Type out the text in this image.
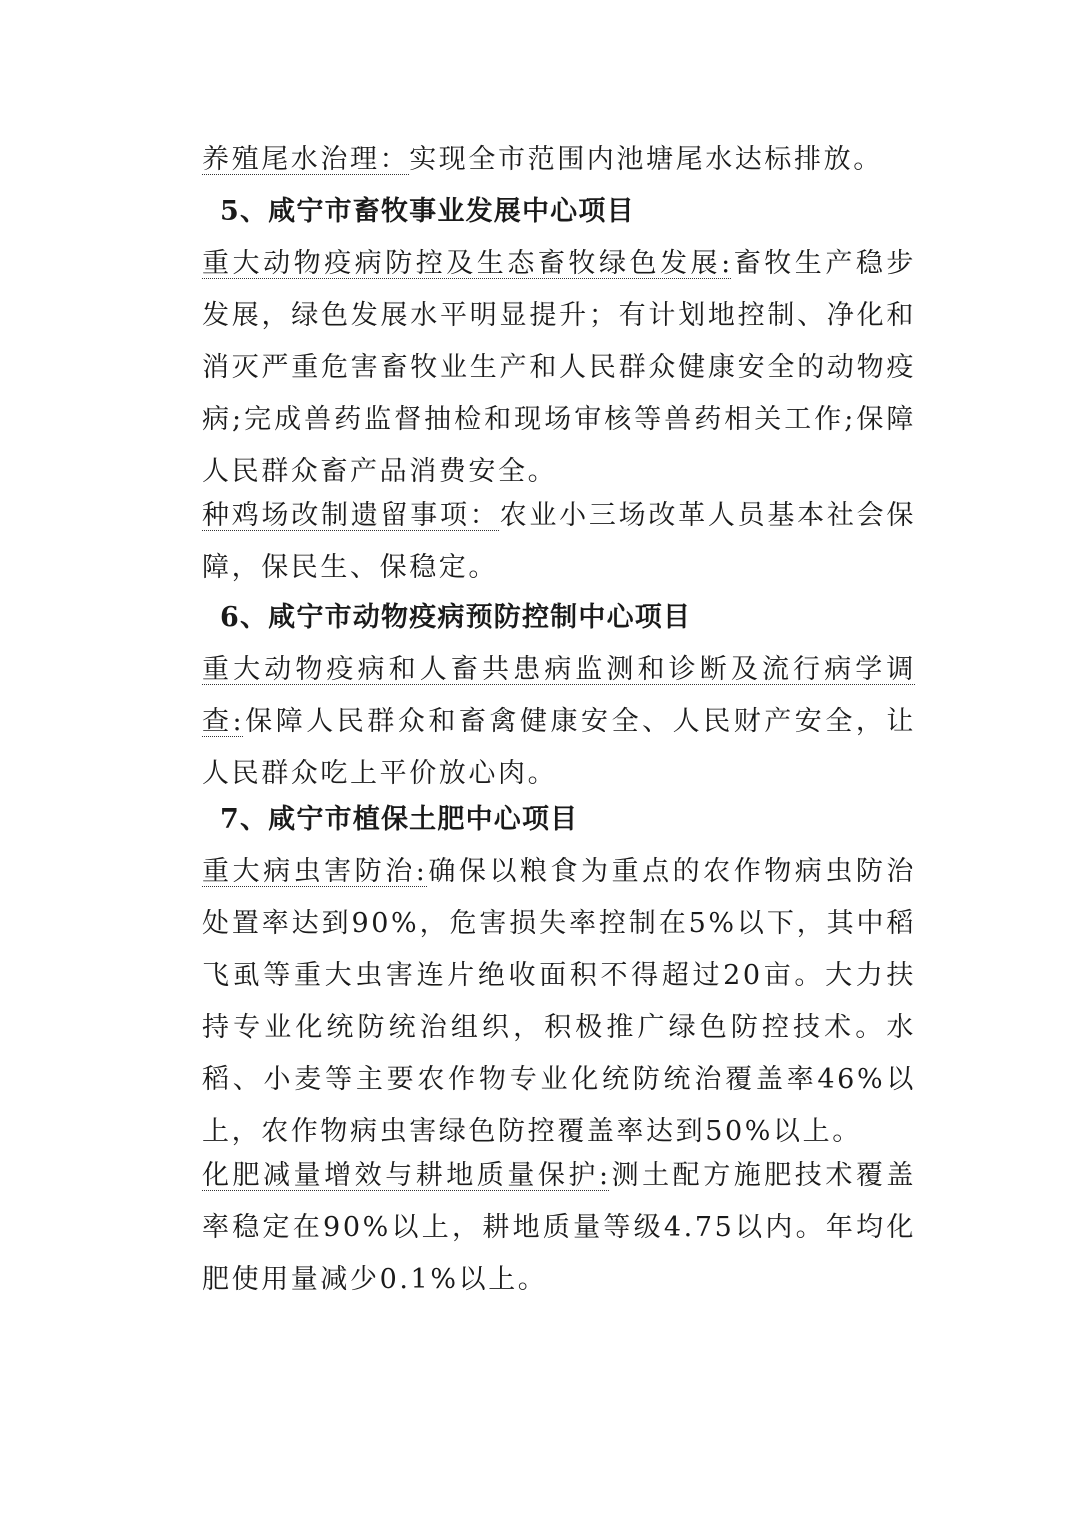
养殖尾水治理：实现全市范围内池塘尾水达标排放。

5、咸宁市畜牧事业发展中心项目

重大动物疫病防控及生态畜牧绿色发展:畜牧生产稳步发展，绿色发展水平明显提升；有计划地控制、净化和消灭严重危害畜牧业生产和人民群众健康安全的动物疫病;完成兽药监督抽检和现场审核等兽药相关工作;保障人民群众畜产品消费安全。

种鸡场改制遗留事项：农业小三场改革人员基本社会保障，保民生、保稳定。

6、咸宁市动物疫病预防控制中心项目

重大动物疫病和人畜共患病监测和诊断及流行病学调查:保障人民群众和畜禽健康安全、人民财产安全，让人民群众吃上平价放心肉。

7、咸宁市植保土肥中心项目

重大病虫害防治:确保以粮食为重点的农作物病虫防治处置率达到90%，危害损失率控制在5%以下，其中稻飞虱等重大虫害连片绝收面积不得超过20亩。大力扶持专业化统防统治组织，积极推广绿色防控技术。水稻、小麦等主要农作物专业化统防统治覆盖率46%以上，农作物病虫害绿色防控覆盖率达到50%以上。

化肥减量增效与耕地质量保护:测土配方施肥技术覆盖率稳定在90%以上，耕地质量等级4.75以内。年均化肥使用量减少0.1%以上。
